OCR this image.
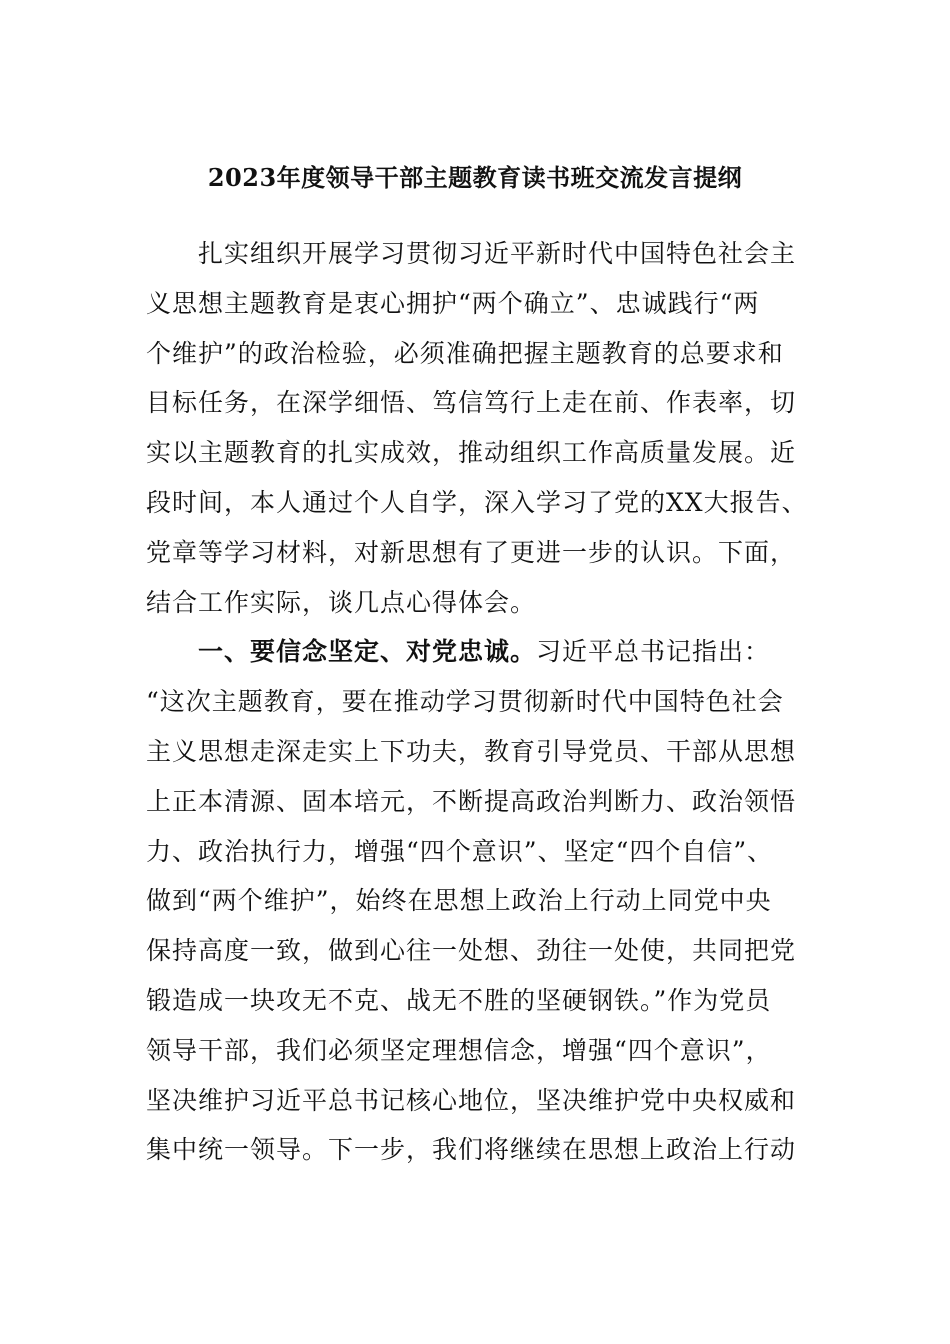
2023年度领导干部主题教育读书班交流发言提纲
扎实组织开展学习贯彻习近平新时代中国特色社会主
义思想主题教育是衷心拥护“两个确立”、忠诚践行“两
个维护”的政治检验，必须准确把握主题教育的总要求和
目标任务，在深学细悟、笃信笃行上走在前、作表率，切
实以主题教育的扎实成效，推动组织工作高质量发展。近
段时间，本人通过个人自学，深入学习了党的XX大报告、
党章等学习材料，对新思想有了更进一步的认识。下面，
结合工作实际，谈几点心得体会。
一、要信念坚定、对党忠诚。习近平总书记指出：
“这次主题教育，要在推动学习贯彻新时代中国特色社会
主义思想走深走实上下功夫，教育引导党员、干部从思想
上正本清源、固本培元，不断提高政治判断力、政治领悟
力、政治执行力，增强“四个意识”、坚定“四个自信”、
做到“两个维护”，始终在思想上政治上行动上同党中央
保持高度一致，做到心往一处想、劲往一处使，共同把党
锻造成一块攻无不克、战无不胜的坚硬钢铁。”作为党员
领导干部，我们必须坚定理想信念，增强“四个意识”，
坚决维护习近平总书记核心地位，坚决维护党中央权威和
集中统一领导。下一步，我们将继续在思想上政治上行动
